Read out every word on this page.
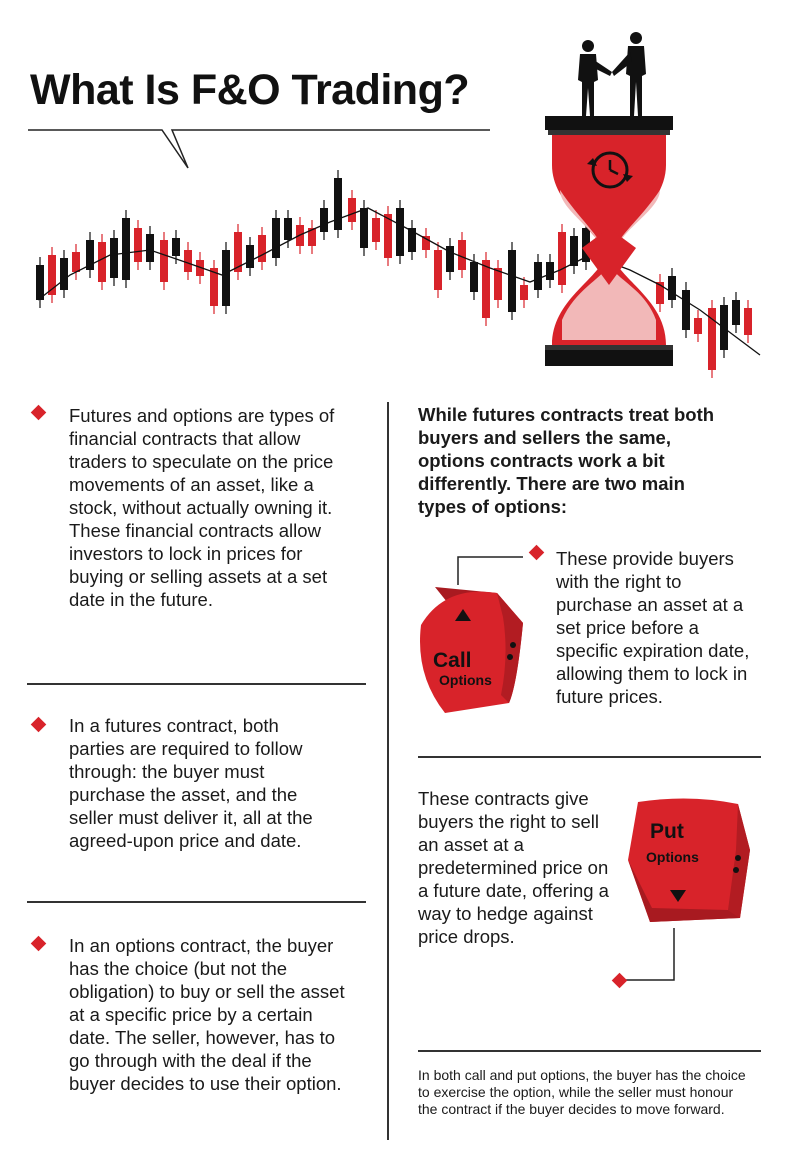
What Is F&O Trading?
Futures and options are types of financial contracts that allow traders to speculate on the price movements of an asset, like a stock, without actually owning it. These financial contracts allow investors to lock in prices for buying or selling assets at a set date in the future.
In a futures contract, both parties are required to follow through: the buyer must purchase the asset, and the seller must deliver it, all at the agreed-upon price and date.
In an options contract, the buyer has the choice (but not the obligation) to buy or sell the asset at a specific price by a certain date. The seller, however, has to go through with the deal if the buyer decides to use their option.
While futures contracts treat both buyers and sellers the same, options contracts work a bit differently. There are two main types of options:
Call
Options
These provide buyers with the right to purchase an asset at a set price before a specific expiration date, allowing them to lock in future prices.
These contracts give buyers the right to sell an asset at a predetermined price on a future date, offering a way to hedge against price drops.
Put
Options
In both call and put options, the buyer has the choice to exercise the option, while the seller must honour the contract if the buyer decides to move forward.
